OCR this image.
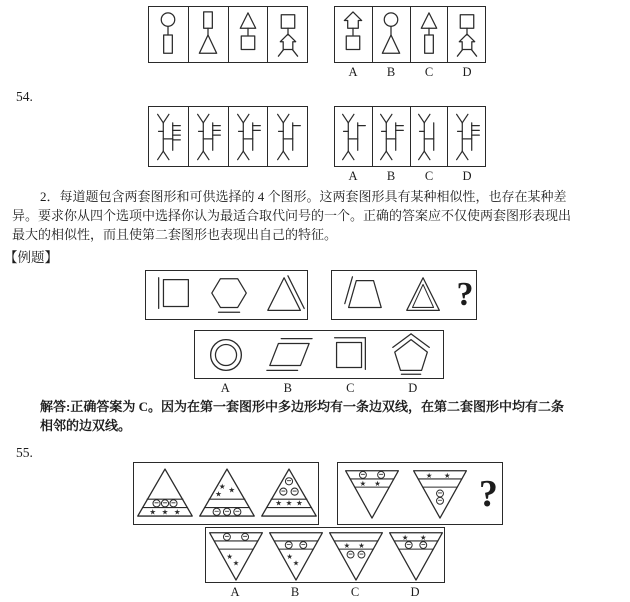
A	B	C	D
54.
A	B	C	D
2．每道题包含两套图形和可供选择的 4 个图形。这两套图形具有某种相似性，也存在某种差
异。要求你从四个选项中选择你认为最适合取代问号的一个。正确的答案应不仅使两套图形表现出
最大的相似性，而且使第二套图形也表现出自己的特征。
【例题】
?
A	B	C	D
解答:正确答案为 C。因为在第一套图形中多边形均有一条边双线，在第二套图形中均有二条
相邻的边双线。
55.
★ ★ ★
★ ★
★
★ ★ ★
★ ★
★ ★ ?
★
★
★
★
★ ★
★ ★
A	B	C	D
